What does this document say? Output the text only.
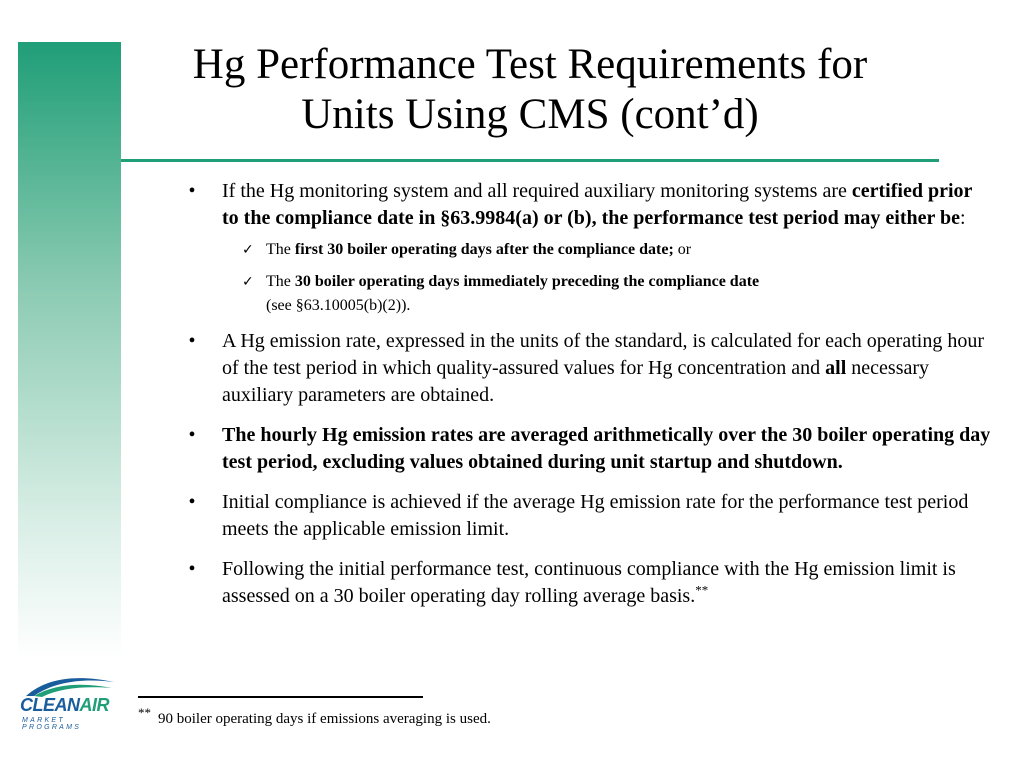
Hg Performance Test Requirements for
Units Using CMS (cont’d)
•	If the Hg monitoring system and all required auxiliary monitoring systems are certified prior to the compliance date in §63.9984(a) or (b), the performance test period may either be:
✓ The first 30 boiler operating days after the compliance date; or
✓ The 30 boiler operating days immediately preceding the compliance date
(see §63.10005(b)(2)).
•	A Hg emission rate, expressed in the units of the standard, is calculated for each operating hour of the test period in which quality-assured values for Hg concentration and all necessary auxiliary parameters are obtained.
•	The hourly Hg emission rates are averaged arithmetically over the 30 boiler operating day test period, excluding values obtained during unit startup and shutdown.
•	Initial compliance is achieved if the average Hg emission rate for the performance test period meets the applicable emission limit.
•	Following the initial performance test, continuous compliance with the Hg emission limit is assessed on a 30 boiler operating day rolling average basis.**
** 90 boiler operating days if emissions averaging is used.
CLEANAIR
MARKET PROGRAMS
